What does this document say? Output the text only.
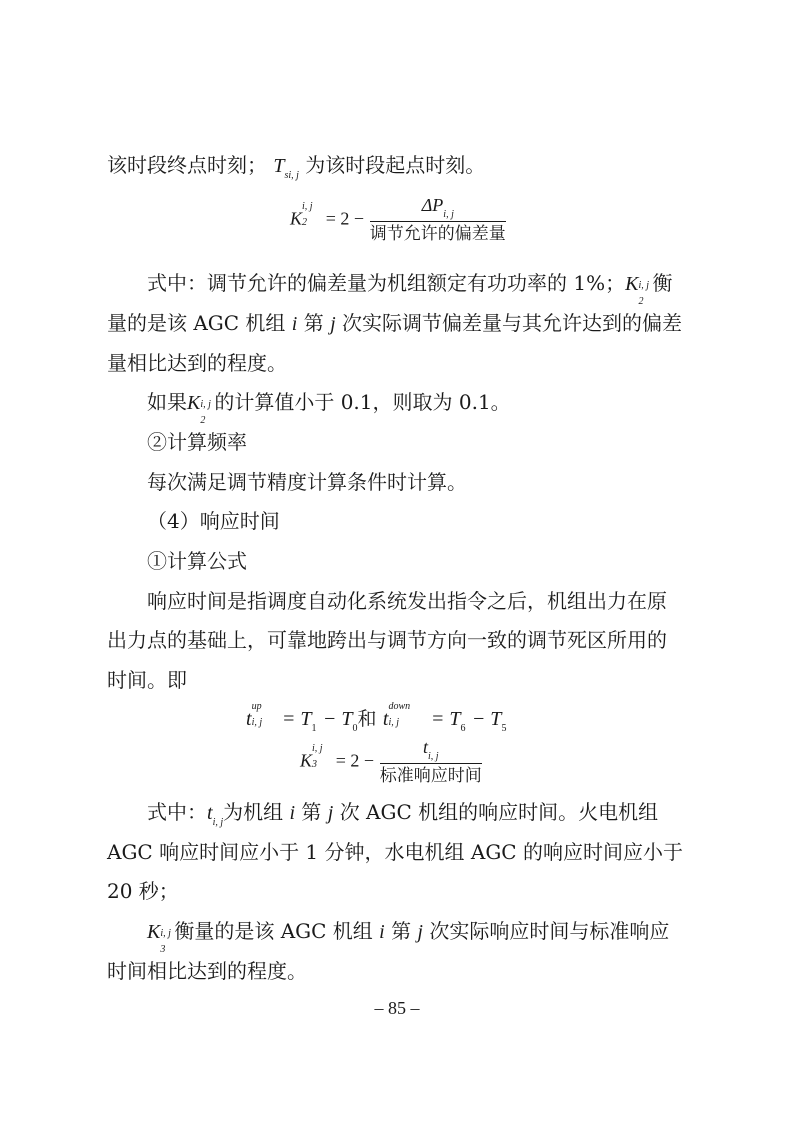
该时段终点时刻； $T_{si, j}$ 为该时段起点时刻。
K
i, j
$2 = 2 - \frac{\Delta P_{i, j}}{\text{调节允许的偏差量}}$
式中：调节允许的偏差量为机组额定有功功率的 1%；K i, j
2
衡
量的是该 AGC 机组 i 第 j 次实际调节偏差量与其允许达到的偏差
量相比达到的程度。
如果K i, j
2
的计算值小于 0.1，则取为 0.1。
②计算频率
每次满足调节精度计算条件时计算。
（4）响应时间
①计算公式
响应时间是指调度自动化系统发出指令之后，机组出力在原
出力点的基础上，可靠地跨出与调节方向一致的调节死区所用的
时间。即
t
up
i, $j = T_1 - T_0$和 t
down
i, $j = T_6 - T_5$
K
i, j
$3 = 2 - \frac{t_{i, j}}{\text{标准响应时间}}$
式中：$t_{i, j}$为机组 i 第 j 次 AGC 机组的响应时间。火电机组
AGC 响应时间应小于 1 分钟，水电机组 AGC 的响应时间应小于
20 秒；
K i, j
3
衡量的是该 AGC 机组 i 第 j 次实际响应时间与标准响应
时间相比达到的程度。
– 85 –
